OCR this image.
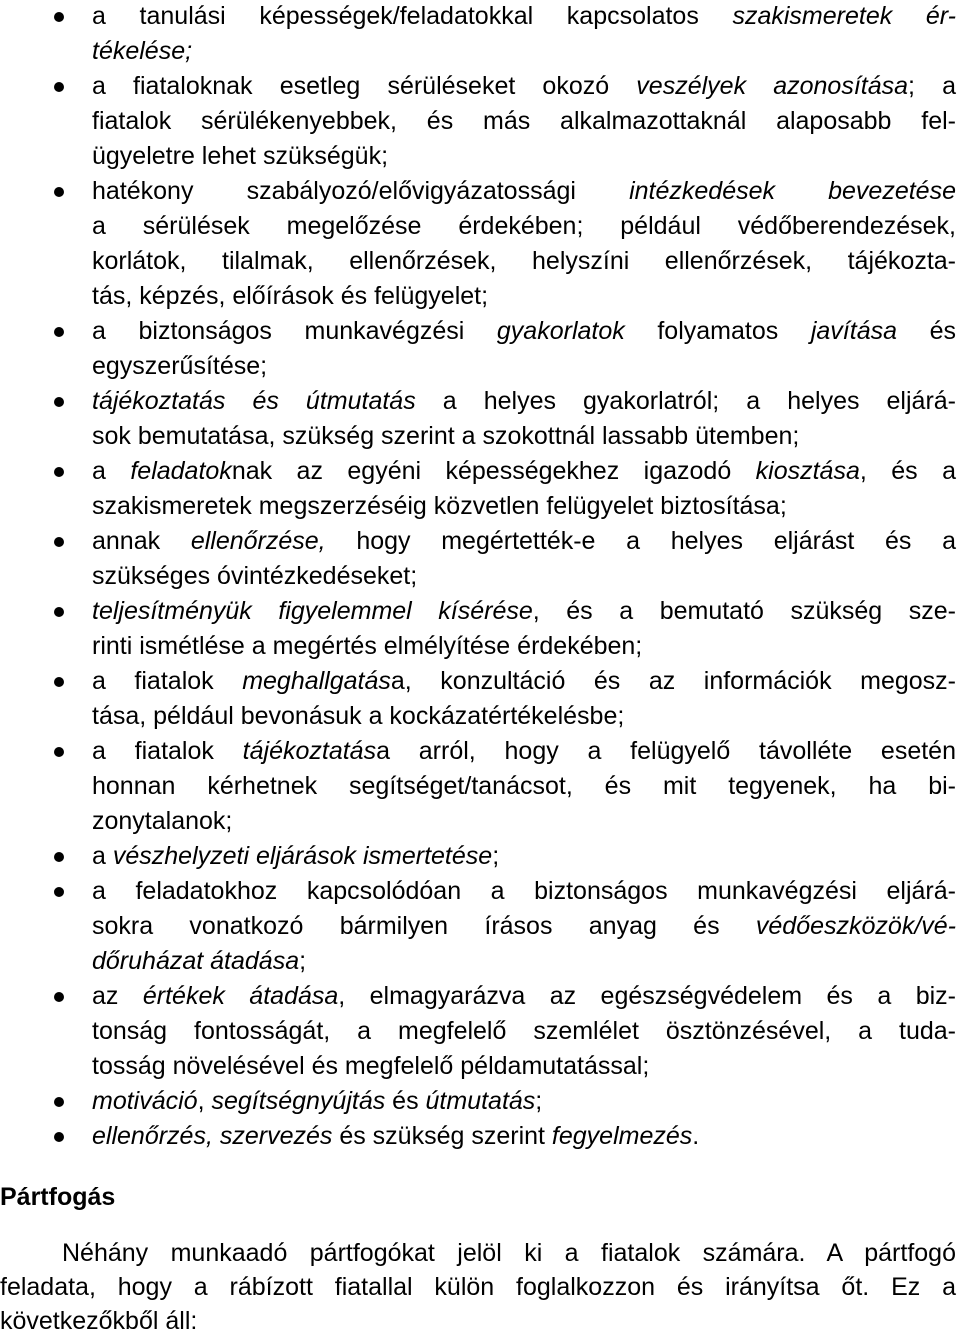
a tanulási képességek/feladatokkal kapcsolatos szakismeretek ér-
tékelése;
a fiataloknak esetleg sérüléseket okozó veszélyek azonosítása; a
fiatalok sérülékenyebbek, és más alkalmazottaknál alaposabb fel-
ügyeletre lehet szükségük;
hatékony szabályozó/elővigyázatossági intézkedések bevezetése
a sérülések megelőzése érdekében; például védőberendezések,
korlátok, tilalmak, ellenőrzések, helyszíni ellenőrzések, tájékozta-
tás, képzés, előírások és felügyelet;
a biztonságos munkavégzési gyakorlatok folyamatos javítása és
egyszerűsítése;
tájékoztatás és útmutatás a helyes gyakorlatról; a helyes eljárá-
sok bemutatása, szükség szerint a szokottnál lassabb ütemben;
a feladatoknak az egyéni képességekhez igazodó kiosztása, és a
szakismeretek megszerzéséig közvetlen felügyelet biztosítása;
annak ellenőrzése, hogy megértették-e a helyes eljárást és a
szükséges óvintézkedéseket;
teljesítményük figyelemmel kísérése, és a bemutató szükség sze-
rinti ismétlése a megértés elmélyítése érdekében;
a fiatalok meghallgatása, konzultáció és az információk megosz-
tása, például bevonásuk a kockázatértékelésbe;
a fiatalok tájékoztatása arról, hogy a felügyelő távolléte esetén
honnan kérhetnek segítséget/tanácsot, és mit tegyenek, ha bi-
zonytalanok;
a vészhelyzeti eljárások ismertetése;
a feladatokhoz kapcsolódóan a biztonságos munkavégzési eljárá-
sokra vonatkozó bármilyen írásos anyag és védőeszközök/vé-
dőruházat átadása;
az értékek átadása, elmagyarázva az egészségvédelem és a biz-
tonság fontosságát, a megfelelő szemlélet ösztönzésével, a tuda-
tosság növelésével és megfelelő példamutatással;
motiváció, segítségnyújtás és útmutatás;
ellenőrzés, szervezés és szükség szerint fegyelmezés.
Pártfogás
Néhány munkaadó pártfogókat jelöl ki a fiatalok számára. A pártfogó
feladata, hogy a rábízott fiatallal külön foglalkozzon és irányítsa őt. Ez a
következőkből áll:
